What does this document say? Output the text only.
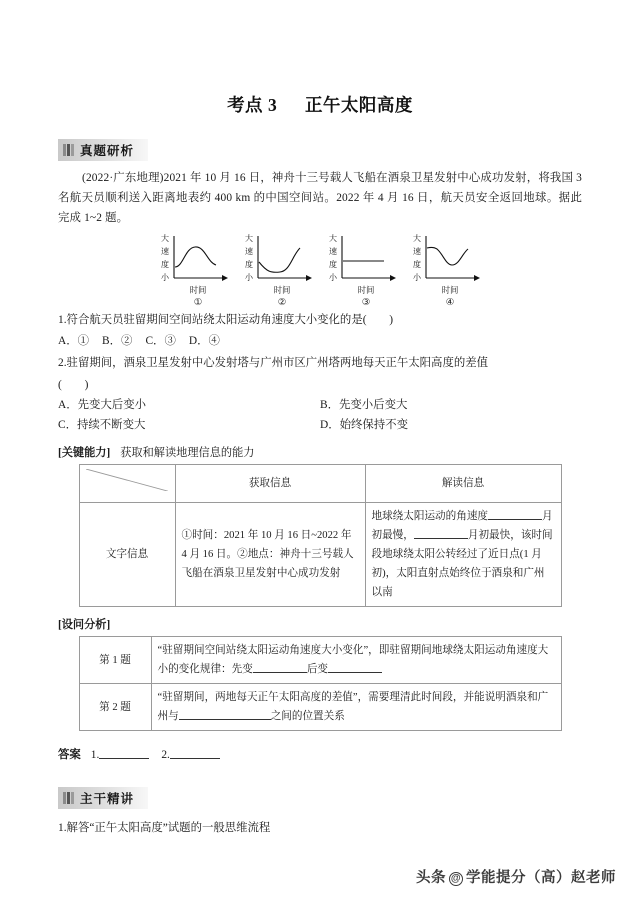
考点 3 正午太阳高度
真题研析

(2022·广东地理)2021 年 10 月 16 日，神舟十三号载人飞船在酒泉卫星发射中心成功发射，将我国 3 名航天员顺利送入距离地表约 400 km 的中国空间站。2022 年 4 月 16 日，航天员安全返回地球。据此完成 1~2 题。

大
速
度
小
时间
①
大
速
度
小
时间
②
大
速
度
小
时间
③
大
速
度
小
时间
④

1.符合航天员驻留期间空间站绕太阳运动角速度大小变化的是(　　)

A．① B．② C．③ D．④

2.驻留期间，酒泉卫星发射中心发射塔与广州市区广州塔两地每天正午太阳高度的差值

(　　)

A．先变大后变小	B．先变小后变大
C．持续不断变大	D．始终保持不变
[关键能力] 获取和解读地理信息的能力
	获取信息	解读信息
文字信息	①时间：2021 年 10 月 16 日~2022 年 4 月 16 日。②地点：神舟十三号载人飞船在酒泉卫星发射中心成功发射	地球绕太阳运动的角速度 月初最慢， 月初最快，该时间段地球绕太阳公转经过了近日点(1 月初)，太阳直射点始终位于酒泉和广州以南
[设问分析]
第 1 题	“驻留期间空间站绕太阳运动角速度大小变化”，即驻留期间地球绕太阳运动角速度大小的变化规律：先变 后变
第 2 题	“驻留期间，两地每天正午太阳高度的差值”，需要理清此时间段，并能说明酒泉和广州与 之间的位置关系
答案 1.	2.
主干精讲

1.解答“正午太阳高度”试题的一般思维流程

头条 @ 学能提分（高）赵老师
